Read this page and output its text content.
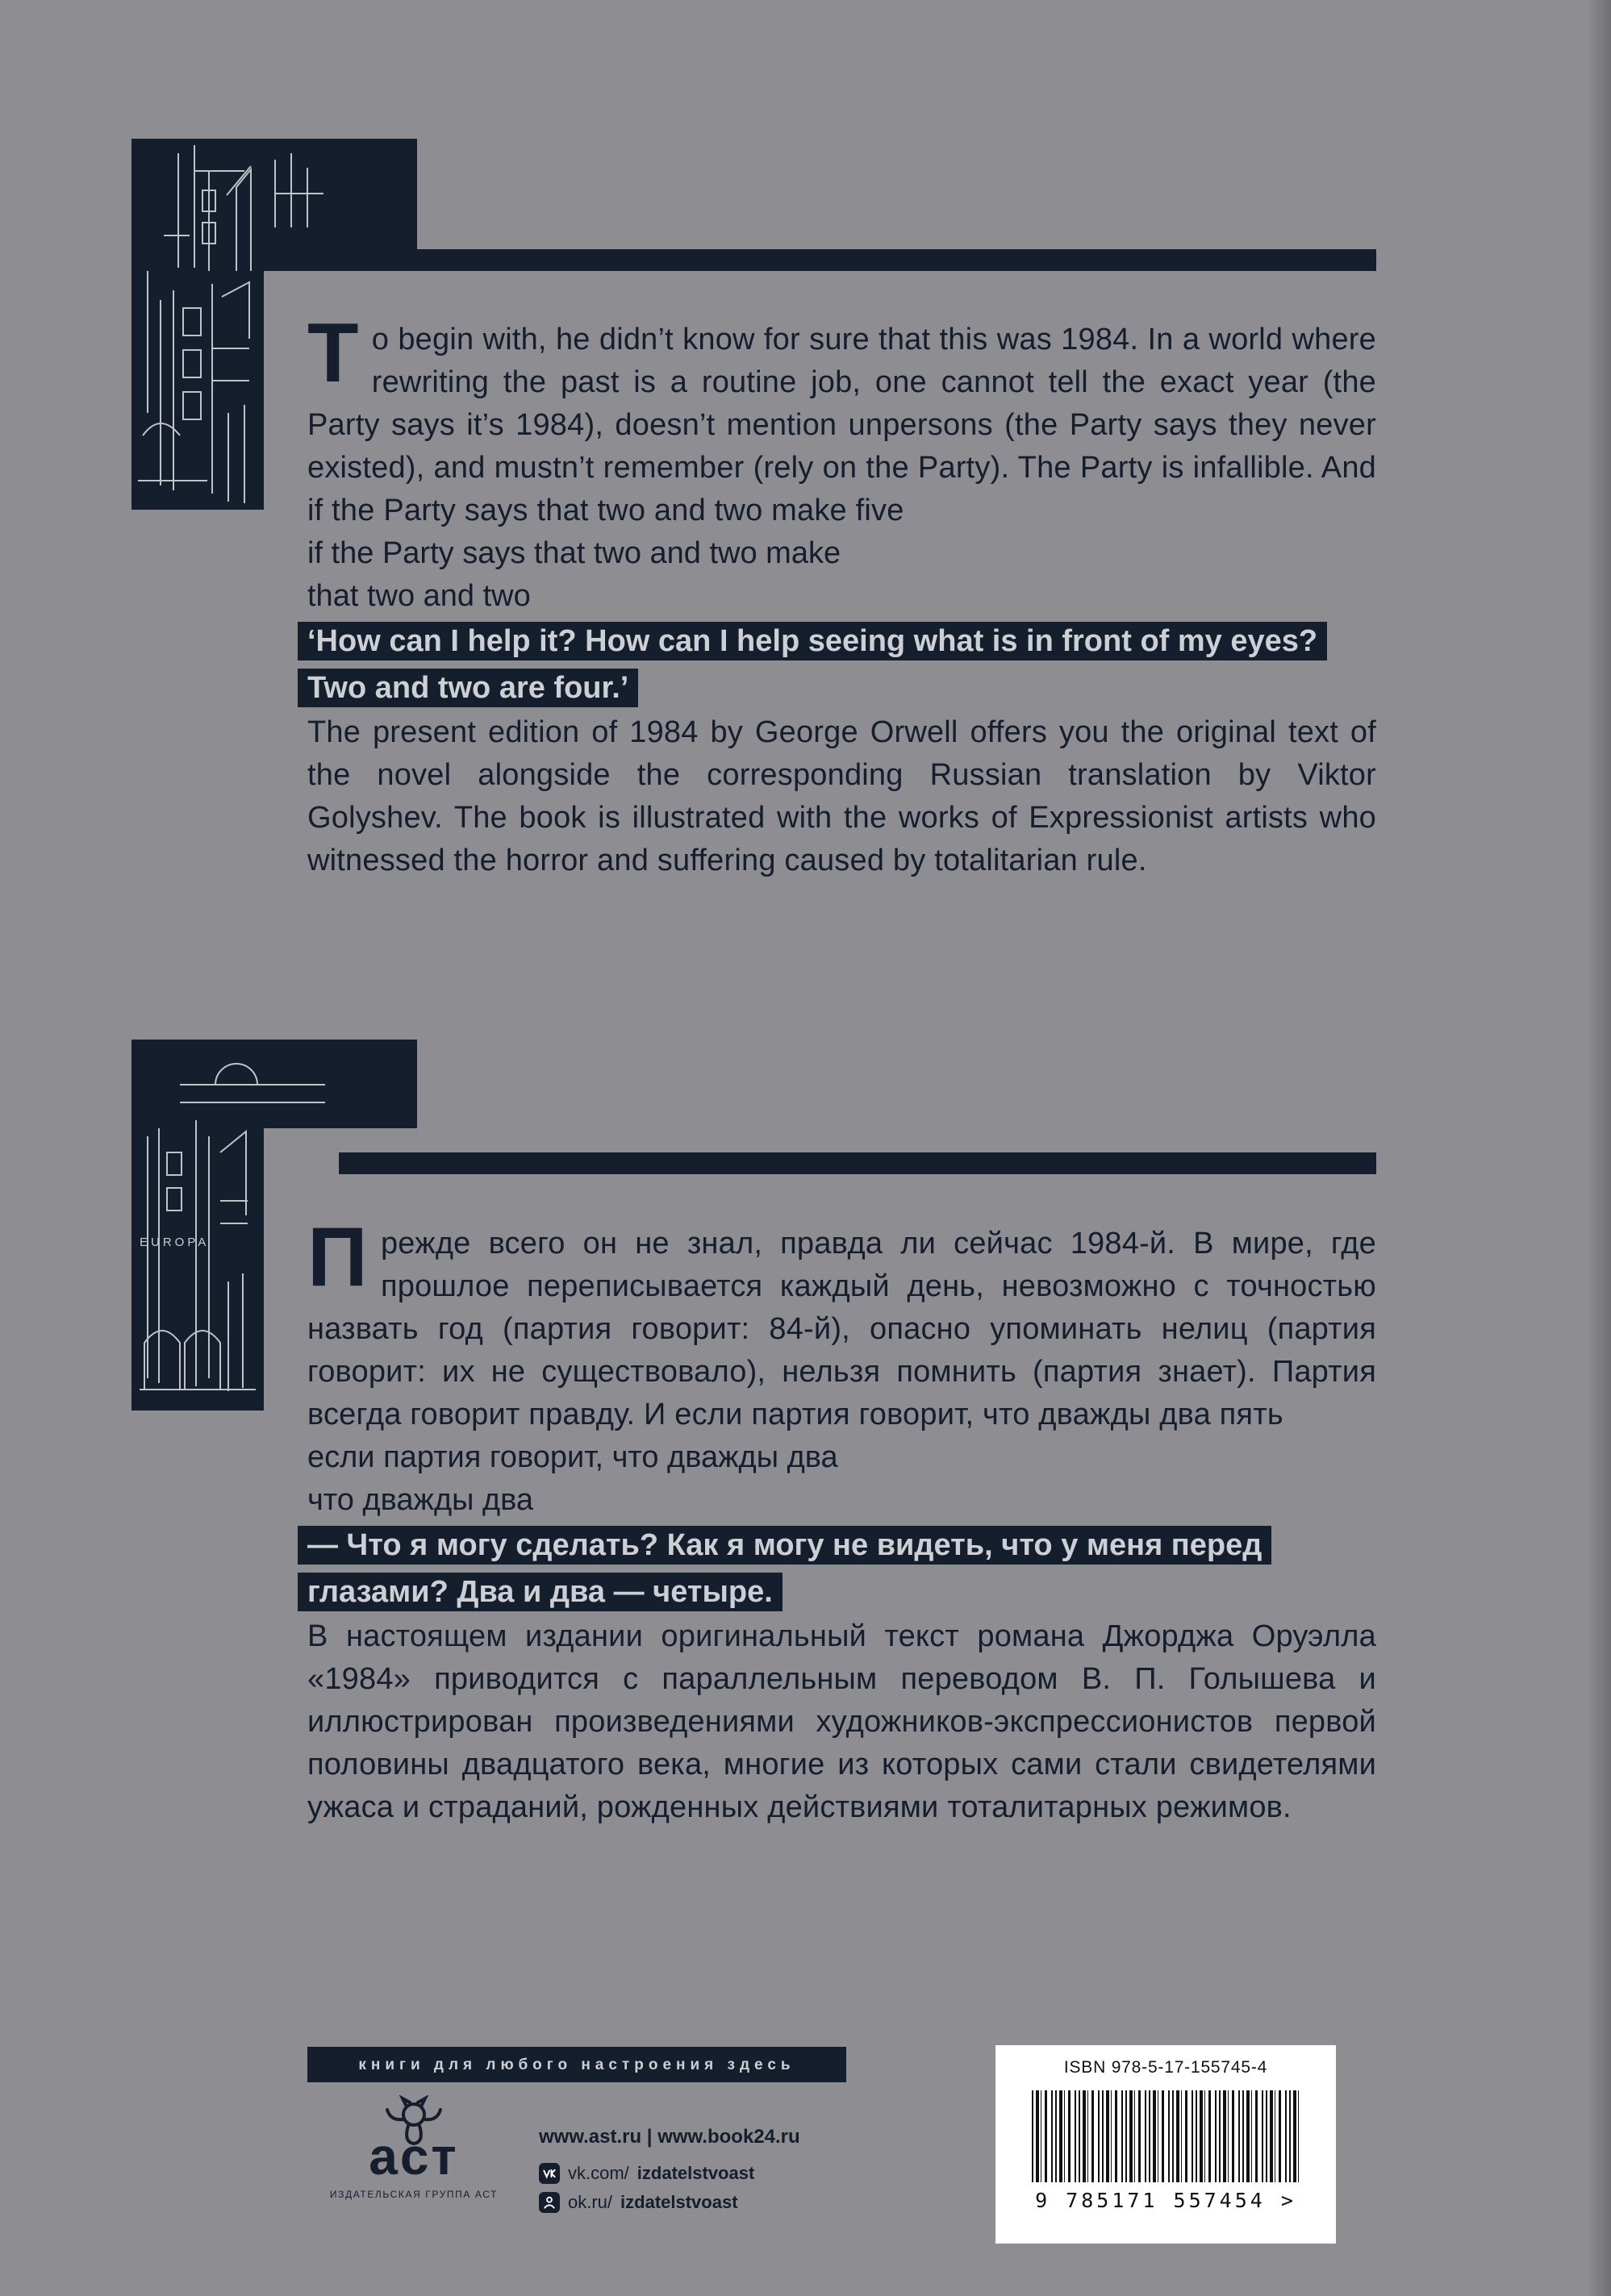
To begin with, he didn’t know for sure that this was 1984. In a world where rewriting the past is a routine job, one cannot tell the exact year (the Party says it’s 1984), doesn’t mention unpersons (the Party says they never existed), and mustn’t remember (rely on the Party). The Party is infallible. And if the Party says that two and two make five

if the Party says that two and two make

that two and two

‘How can I help it? How can I help seeing what is in front of my eyes? Two and two are four.’

The present edition of 1984 by George Orwell offers you the original text of the novel alongside the corresponding Russian translation by Viktor Golyshev. The book is illustrated with the works of Expressionist artists who witnessed the horror and suffering caused by totalitarian rule.

EUROPA Прежде всего он не знал, правда ли сейчас 1984-й. В мире, где прошлое переписывается каждый день, невозможно с точностью назвать год (партия говорит: 84-й), опасно упоминать нелиц (партия говорит: их не существовало), нельзя помнить (партия знает). Партия всегда говорит правду. И если партия говорит, что дважды два пять

если партия говорит, что дважды два

что дважды два

— Что я могу сделать? Как я могу не видеть, что у меня перед глазами? Два и два — четыре.

В настоящем издании оригинальный текст романа Джорджа Оруэлла «1984» приводится с параллельным переводом В. П. Голышева и иллюстрирован произведениями художников-экспрессионистов первой половины двадцатого века, многие из которых сами стали свидетелями ужаса и страданий, рожденных действиями тоталитарных режимов.

книги для любого настроения здесь
аст
ИЗДАТЕЛЬСКАЯ ГРУППА АСТ
www.ast.ru | www.book24.ru
vk.com/ izdatelstvoast
ok.ru/ izdatelstvoast
ISBN 978-5-17-155745-4
9 785171 557454 >
